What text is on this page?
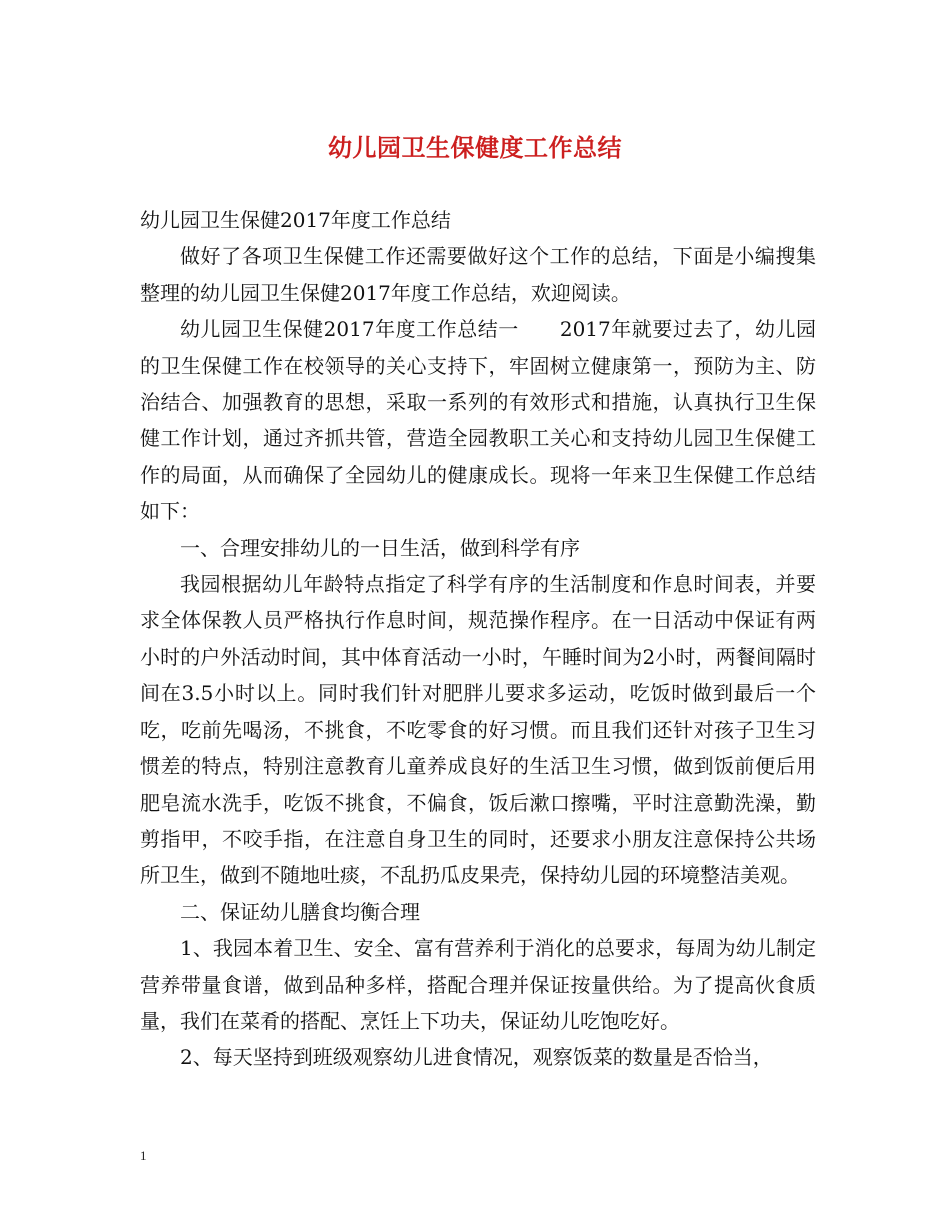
幼儿园卫生保健度工作总结

幼儿园卫生保健2017年度工作总结

做好了各项卫生保健工作还需要做好这个工作的总结，下面是小编搜集整理的幼儿园卫生保健2017年度工作总结，欢迎阅读。

幼儿园卫生保健2017年度工作总结一　　2017年就要过去了，幼儿园的卫生保健工作在校领导的关心支持下，牢固树立健康第一，预防为主、防治结合、加强教育的思想，采取一系列的有效形式和措施，认真执行卫生保健工作计划，通过齐抓共管，营造全园教职工关心和支持幼儿园卫生保健工作的局面，从而确保了全园幼儿的健康成长。现将一年来卫生保健工作总结如下：

一、合理安排幼儿的一日生活，做到科学有序

我园根据幼儿年龄特点指定了科学有序的生活制度和作息时间表，并要求全体保教人员严格执行作息时间，规范操作程序。在一日活动中保证有两小时的户外活动时间，其中体育活动一小时，午睡时间为2小时，两餐间隔时间在3.5小时以上。同时我们针对肥胖儿要求多运动，吃饭时做到最后一个吃，吃前先喝汤，不挑食，不吃零食的好习惯。而且我们还针对孩子卫生习惯差的特点，特别注意教育儿童养成良好的生活卫生习惯，做到饭前便后用肥皂流水洗手，吃饭不挑食，不偏食，饭后漱口擦嘴，平时注意勤洗澡，勤剪指甲，不咬手指，在注意自身卫生的同时，还要求小朋友注意保持公共场所卫生，做到不随地吐痰，不乱扔瓜皮果壳，保持幼儿园的环境整洁美观。

二、保证幼儿膳食均衡合理

1、我园本着卫生、安全、富有营养利于消化的总要求，每周为幼儿制定营养带量食谱，做到品种多样，搭配合理并保证按量供给。为了提高伙食质量，我们在菜肴的搭配、烹饪上下功夫，保证幼儿吃饱吃好。

2、每天坚持到班级观察幼儿进食情况，观察饭菜的数量是否恰当，

1
